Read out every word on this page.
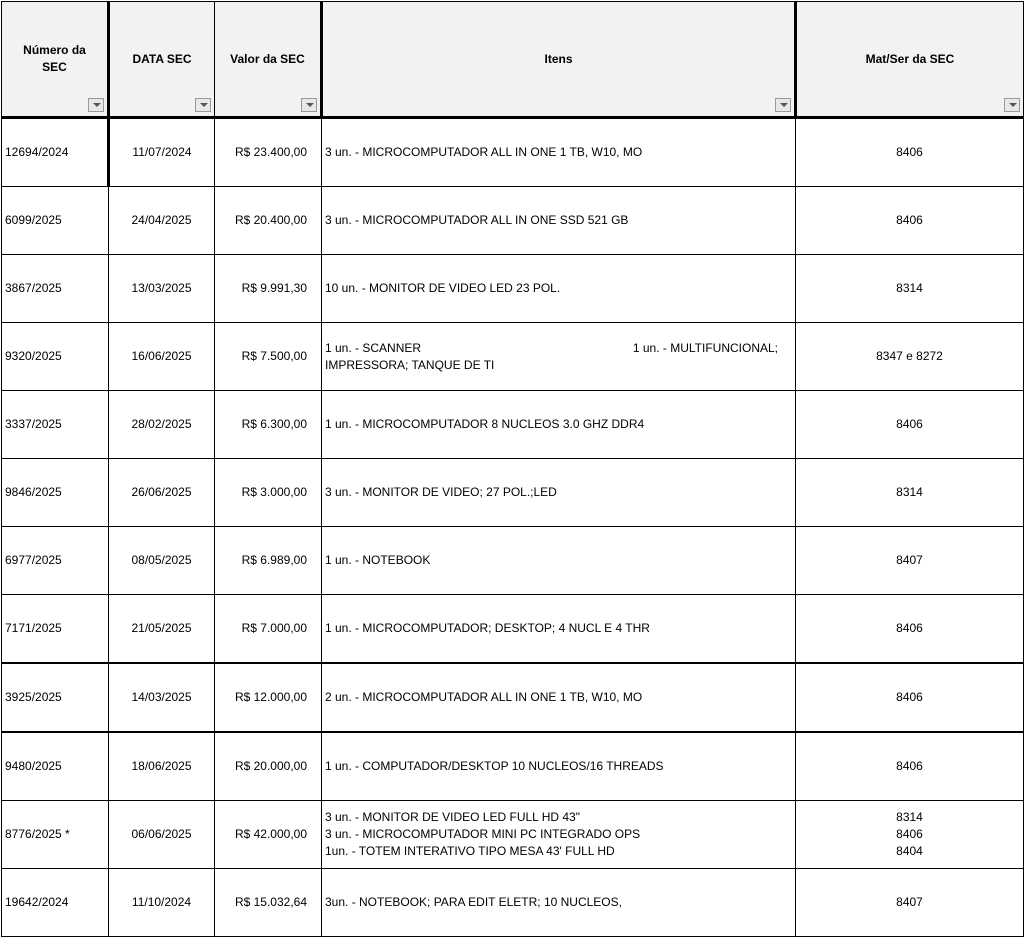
Número da SEC	DATA SEC	Valor da SEC	Itens	Mat/Ser da SEC

12694/2024	11/07/2024	R$ 23.400,00	3 un. - MICROCOMPUTADOR ALL IN ONE 1 TB, W10, MO	8406

6099/2025	24/04/2025	R$ 20.400,00	3 un. - MICROCOMPUTADOR ALL IN ONE SSD 521 GB	8406

3867/2025	13/03/2025	R$ 9.991,30	10 un. - MONITOR DE VIDEO LED 23 POL.	8314

9320/2025	16/06/2025	R$ 7.500,00	1 un. - SCANNER 1 un. - MULTIFUNCIONAL;
IMPRESSORA; TANQUE DE TI	8347 e 8272

3337/2025	28/02/2025	R$ 6.300,00	1 un. - MICROCOMPUTADOR 8 NUCLEOS 3.0 GHZ DDR4	8406

9846/2025	26/06/2025	R$ 3.000,00	3 un. - MONITOR DE VIDEO; 27 POL.;LED	8314

6977/2025	08/05/2025	R$ 6.989,00	1 un. - NOTEBOOK	8407

7171/2025	21/05/2025	R$ 7.000,00	1 un. - MICROCOMPUTADOR; DESKTOP; 4 NUCL E 4 THR	8406

3925/2025	14/03/2025	R$ 12.000,00	2 un. - MICROCOMPUTADOR ALL IN ONE 1 TB, W10, MO	8406

9480/2025	18/06/2025	R$ 20.000,00	1 un. - COMPUTADOR/DESKTOP 10 NUCLEOS/16 THREADS	8406

8776/2025 *	06/06/2025	R$ 42.000,00	3 un. - MONITOR DE VIDEO LED FULL HD 43"
3 un. - MICROCOMPUTADOR MINI PC INTEGRADO OPS
1un. - TOTEM INTERATIVO TIPO MESA 43' FULL HD	8314
8406
8404

19642/2024	11/10/2024	R$ 15.032,64	3un. - NOTEBOOK; PARA EDIT ELETR; 10 NUCLEOS,	8407
